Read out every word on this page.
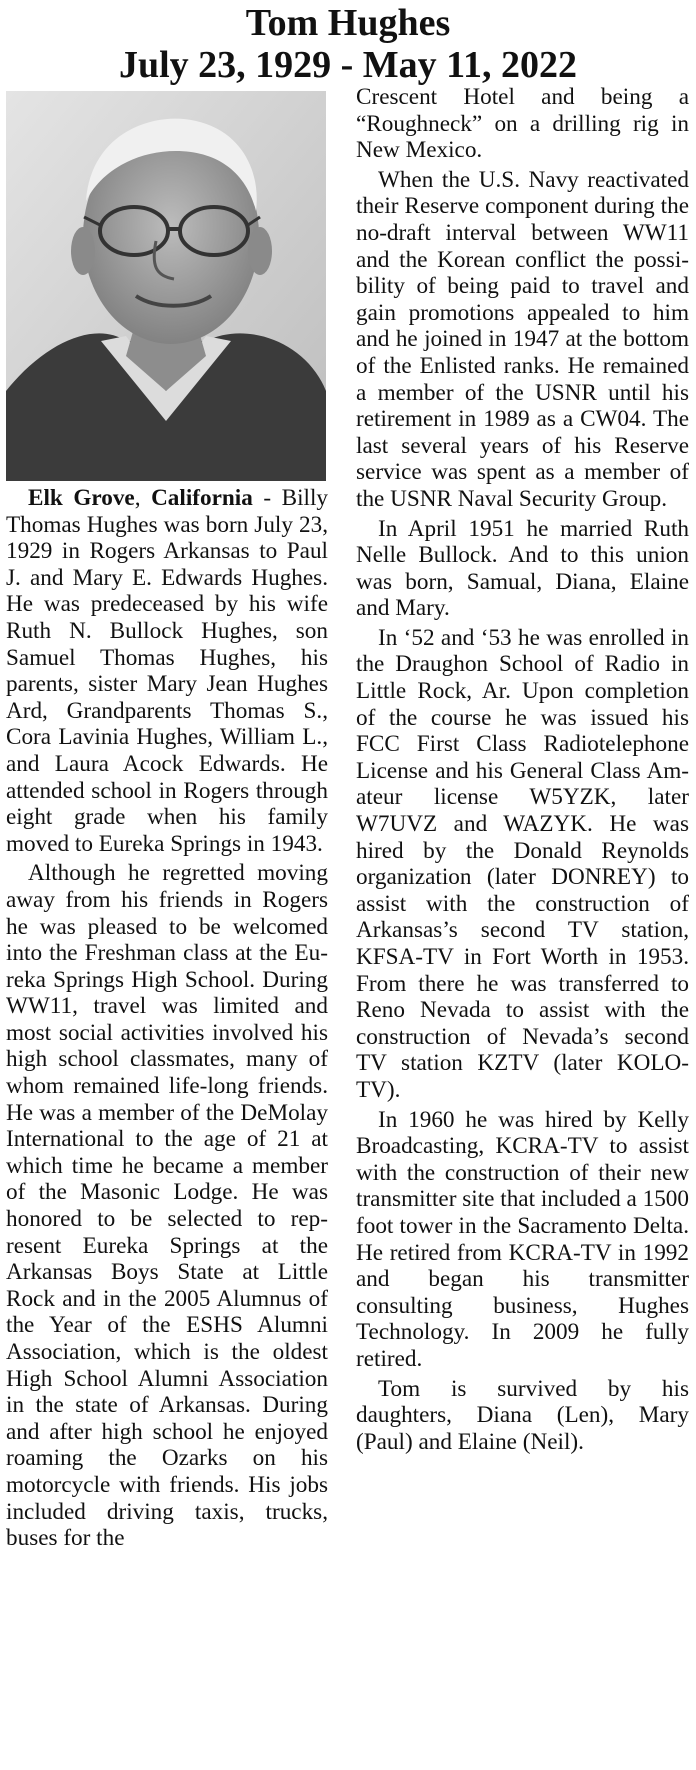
Tom Hughes
July 23, 1929 - May 11, 2022

Elk Grove, California - Billy Thomas Hughes was born July 23, 1929 in Rogers Arkansas to Paul J. and Mary E. Edwards Hughes. He was predeceased by his wife Ruth N. Bullock Hughes, son Samuel Thomas Hughes, his parents, sister Mary Jean Hughes Ard, Grandparents Thomas S., Cora Lavinia Hughes, William L., and Laura Acock Edwards. He attended school in Rogers through eight grade when his family moved to Eureka Springs in 1943.

Although he regretted moving away from his friends in Rogers he was pleased to be welcomed into the Freshman class at the Eureka Springs High School. During WW11, travel was limited and most social activities involved his high school classmates, many of whom remained life-long friends. He was a member of the DeMolay International to the age of 21 at which time he became a member of the Masonic Lodge. He was honored to be selected to represent Eureka Springs at the Arkansas Boys State at Little Rock and in the 2005 Alumnus of the Year of the ESHS Alumni Association, which is the oldest High School Alumni Association in the state of Arkansas. During and after high school he enjoyed roaming the Ozarks on his motorcycle with friends. His jobs included driving taxis, trucks, buses for the

Crescent Hotel and being a “Roughneck” on a drilling rig in New Mexico.

When the U.S. Navy reactivated their Reserve component during the no-draft interval between WW11 and the Korean conflict the possibility of being paid to travel and gain promotions appealed to him and he joined in 1947 at the bottom of the Enlisted ranks. He remained a member of the USNR until his retirement in 1989 as a CW04. The last several years of his Reserve service was spent as a member of the USNR Naval Security Group.

In April 1951 he married Ruth Nelle Bullock. And to this union was born, Samual, Diana, Elaine and Mary.

In ‘52 and ‘53 he was enrolled in the Draughon School of Radio in Little Rock, Ar. Upon completion of the course he was issued his FCC First Class Radiotelephone License and his General Class Amateur license W5YZK, later W7UVZ and WAZYK. He was hired by the Donald Reynolds organization (later DONREY) to assist with the construction of Arkansas’s second TV station, KFSA-TV in Fort Worth in 1953. From there he was transferred to Reno Nevada to assist with the construction of Nevada’s second TV station KZTV (later KOLO-TV).

In 1960 he was hired by Kelly Broadcasting, KCRA-TV to assist with the construction of their new transmitter site that included a 1500 foot tower in the Sacramento Delta. He retired from KCRA-TV in 1992 and began his transmitter consulting business, Hughes Technology. In 2009 he fully retired.

Tom is survived by his daughters, Diana (Len), Mary (Paul) and Elaine (Neil).
